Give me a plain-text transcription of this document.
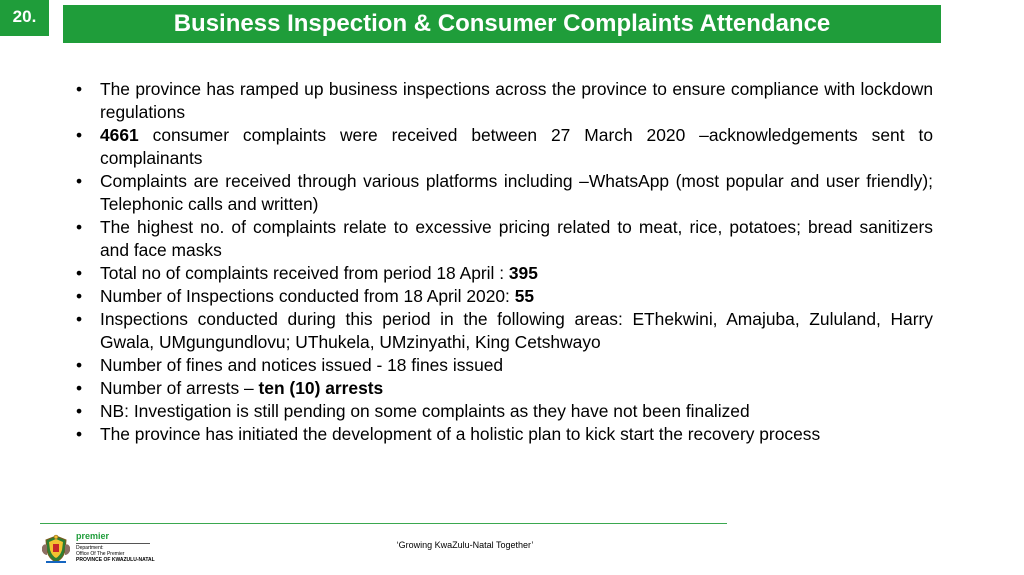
20.	Business Inspection & Consumer Complaints Attendance
• The province has ramped up business inspections across the province to ensure compliance with lockdown regulations
• 4661 consumer complaints were received between 27 March 2020 –acknowledgements sent to complainants
• Complaints are received through various platforms including –WhatsApp (most popular and user friendly); Telephonic calls and written)
• The highest no. of complaints relate to excessive pricing related to meat, rice, potatoes; bread sanitizers and face masks
• Total no of complaints received from period 18 April : 395
• Number of Inspections conducted from 18 April 2020: 55
• Inspections conducted during this period in the following areas: EThekwini, Amajuba, Zululand, Harry Gwala, UMgungundlovu; UThukela, UMzinyathi, King Cetshwayo
• Number of fines and notices issued - 18 fines issued
• Number of arrests – ten (10) arrests
• NB: Investigation is still pending on some complaints as they have not been finalized
• The province has initiated the development of a holistic plan to kick start the recovery process
premier
Department:
Office Of The Premier
PROVINCE OF KWAZULU-NATAL
‘Growing KwaZulu-Natal Together’
